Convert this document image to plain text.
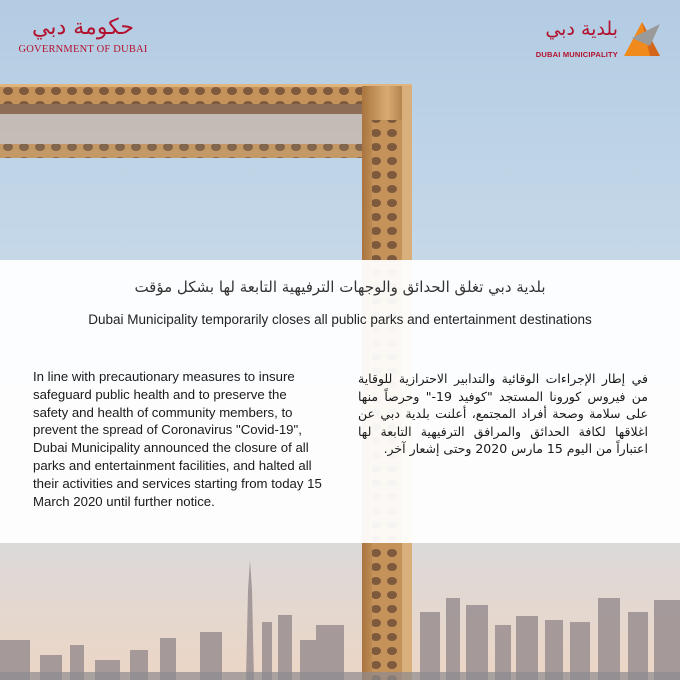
حكومة دبي
GOVERNMENT OF DUBAI
بلدية دبي
DUBAI MUNICIPALITY
بلدية دبي تغلق الحدائق والوجهات الترفيهية التابعة لها بشكل مؤقت
Dubai Municipality temporarily closes all public parks and entertainment destinations
In line with precautionary measures to insure safeguard public health and to preserve the safety and health of community members, to prevent the spread of Coronavirus "Covid-19", Dubai Municipality announced the closure of all parks and entertainment facilities, and halted all their activities and services starting from today 15 March 2020 until further notice.
في إطار الإجراءات الوقائية والتدابير الاحترازية للوقاية من فيروس كورونا المستجد "كوفيد 19-" وحرصاً منها على سلامة وصحة أفراد المجتمع، أعلنت بلدية دبي عن اغلاقها لكافة الحدائق والمرافق الترفيهية التابعة لها اعتباراً من اليوم 15 مارس 2020 وحتى إشعار آخر.
